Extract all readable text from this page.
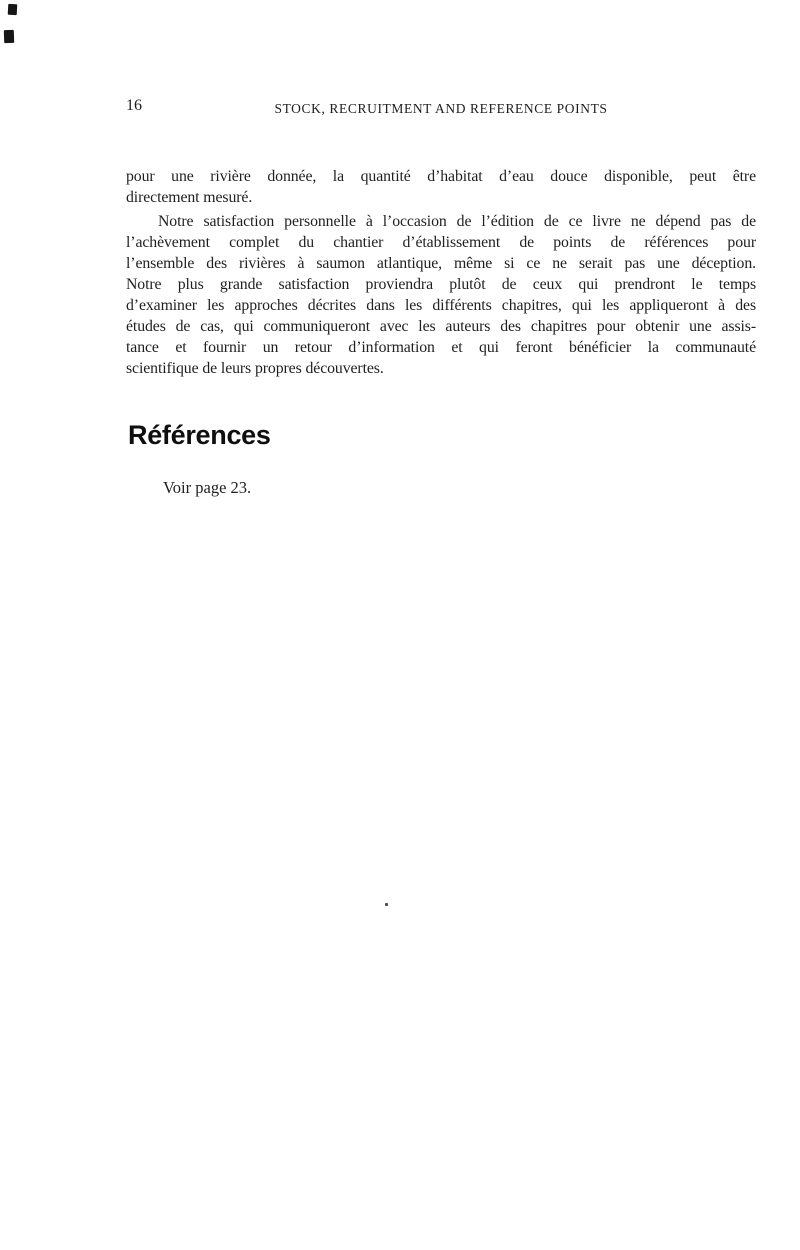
16	STOCK, RECRUITMENT AND REFERENCE POINTS

pour une rivière donnée, la quantité d’habitat d’eau douce disponible, peut être
directement mesuré.

Notre satisfaction personnelle à l’occasion de l’édition de ce livre ne dépend pas de
l’achèvement complet du chantier d’établissement de points de références pour
l’ensemble des rivières à saumon atlantique, même si ce ne serait pas une déception.
Notre plus grande satisfaction proviendra plutôt de ceux qui prendront le temps
d’examiner les approches décrites dans les différents chapitres, qui les appliqueront à des
études de cas, qui communiqueront avec les auteurs des chapitres pour obtenir une assis-
tance et fournir un retour d’information et qui feront bénéficier la communauté
scientifique de leurs propres découvertes.

Références

Voir page 23.
